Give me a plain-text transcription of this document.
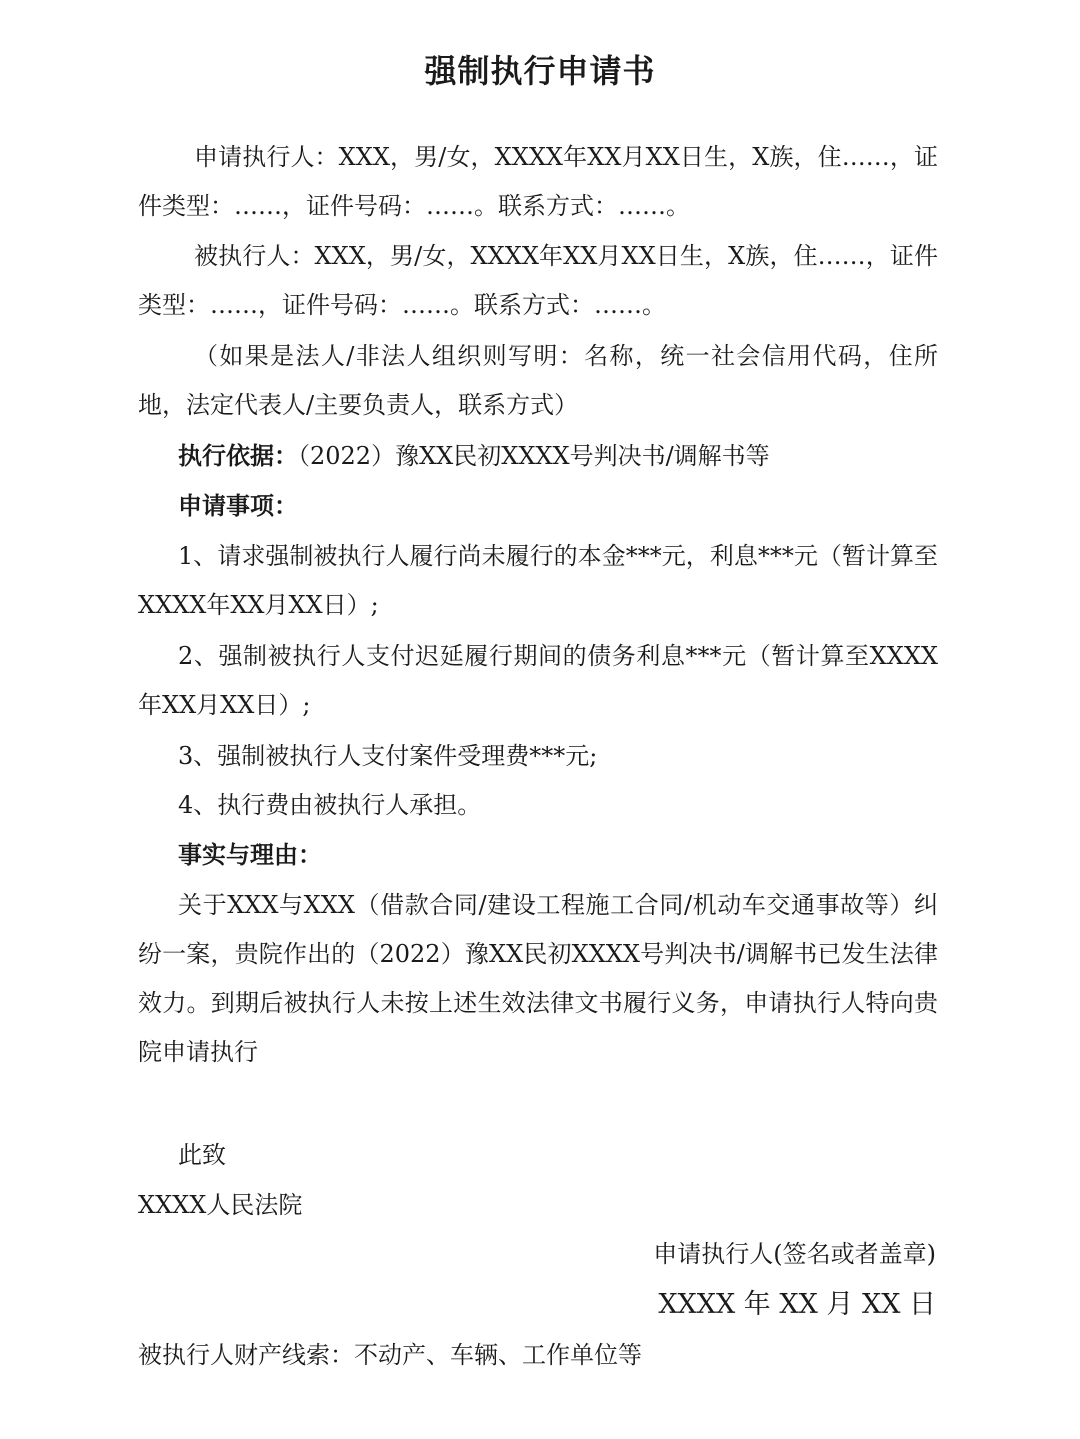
强制执行申请书

申请执行人：XXX，男/女，XXXX年XX月XX日生，X族，住……，证件类型：……，证件号码：……。联系方式：……。

被执行人：XXX，男/女，XXXX年XX月XX日生，X族，住……，证件类型：……，证件号码：……。联系方式：……。

（如果是法人/非法人组织则写明：名称，统一社会信用代码，住所地，法定代表人/主要负责人，联系方式）

执行依据：（2022）豫XX民初XXXX号判决书/调解书等

申请事项：

1、请求强制被执行人履行尚未履行的本金***元，利息***元（暂计算至XXXX年XX月XX日）;

2、强制被执行人支付迟延履行期间的债务利息***元（暂计算至XXXX年XX月XX日）;

3、强制被执行人支付案件受理费***元;

4、执行费由被执行人承担。

事实与理由：

关于XXX与XXX（借款合同/建设工程施工合同/机动车交通事故等）纠纷一案，贵院作出的（2022）豫XX民初XXXX号判决书/调解书已发生法律效力。到期后被执行人未按上述生效法律文书履行义务，申请执行人特向贵院申请执行

此致

XXXX人民法院

申请执行人(签名或者盖章)
XXXX 年 XX 月 XX 日

被执行人财产线索：不动产、车辆、工作单位等
